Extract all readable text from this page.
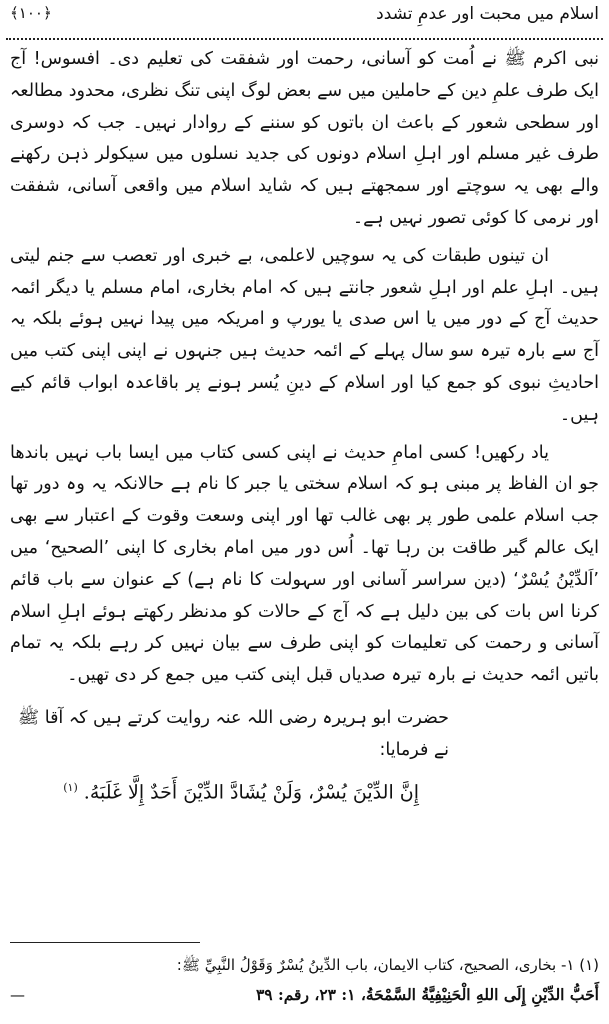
اسلام میں محبت اور عدمِ تشدد
﴿۱۰۰﴾

نبی اکرم ﷺ نے اُمت کو آسانی، رحمت اور شفقت کی تعلیم دی۔ افسوس! آج ایک طرف علمِ دین کے حاملین میں سے بعض لوگ اپنی تنگ نظری، محدود مطالعہ اور سطحی شعور کے باعث ان باتوں کو سننے کے روادار نہیں۔ جب کہ دوسری طرف غیر مسلم اور اہلِ اسلام دونوں کی جدید نسلوں میں سیکولر ذہن رکھنے والے بھی یہ سوچتے اور سمجھتے ہیں کہ شاید اسلام میں واقعی آسانی، شفقت اور نرمی کا کوئی تصور نہیں ہے۔

ان تینوں طبقات کی یہ سوچیں لاعلمی، بے خبری اور تعصب سے جنم لیتی ہیں۔ اہلِ علم اور اہلِ شعور جانتے ہیں کہ امام بخاری، امام مسلم یا دیگر ائمہ حدیث آج کے دور میں یا اس صدی یا یورپ و امریکہ میں پیدا نہیں ہوئے بلکہ یہ آج سے بارہ تیرہ سو سال پہلے کے ائمہ حدیث ہیں جنہوں نے اپنی اپنی کتب میں احادیثِ نبوی کو جمع کیا اور اسلام کے دینِ یُسر ہونے پر باقاعدہ ابواب قائم کیے ہیں۔

یاد رکھیں! کسی امامِ حدیث نے اپنی کسی کتاب میں ایسا باب نہیں باندھا جو ان الفاظ پر مبنی ہو کہ اسلام سختی یا جبر کا نام ہے حالانکہ یہ وہ دور تھا جب اسلام علمی طور پر بھی غالب تھا اور اپنی وسعت وقوت کے اعتبار سے بھی ایک عالم گیر طاقت بن رہا تھا۔ اُس دور میں امام بخاری کا اپنی ’الصحیح‘ میں ’اَلدِّیْنُ یُسْرٌ‘ (دین سراسر آسانی اور سہولت کا نام ہے) کے عنوان سے باب قائم کرنا اس بات کی بین دلیل ہے کہ آج کے حالات کو مدنظر رکھتے ہوئے اہلِ اسلام آسانی و رحمت کی تعلیمات کو اپنی طرف سے بیان نہیں کر رہے بلکہ یہ تمام باتیں ائمہ حدیث نے بارہ تیرہ صدیاں قبل اپنی کتب میں جمع کر دی تھیں۔

حضرت ابو ہریرہ رضی اللہ عنہ روایت کرتے ہیں کہ آقا ﷺ نے فرمایا:

إِنَّ الدِّيْنَ يُسْرٌ، وَلَنْ يُشَادَّ الدِّيْنَ أَحَدٌ إِلَّا غَلَبَهُ. $^{(۱)}$

(۱) ۱- بخاری، الصحیح، کتاب الایمان، باب الدِّينُ يُسْرٌ وَقَوْلُ النَّبِيِّ ﷺ:
أَحَبُّ الدِّيْنِ إِلَى اللهِ الْحَنِيْفِيَّةُ السَّمْحَةُ، ۱: ۲۳، رقم: ۳۹
—
